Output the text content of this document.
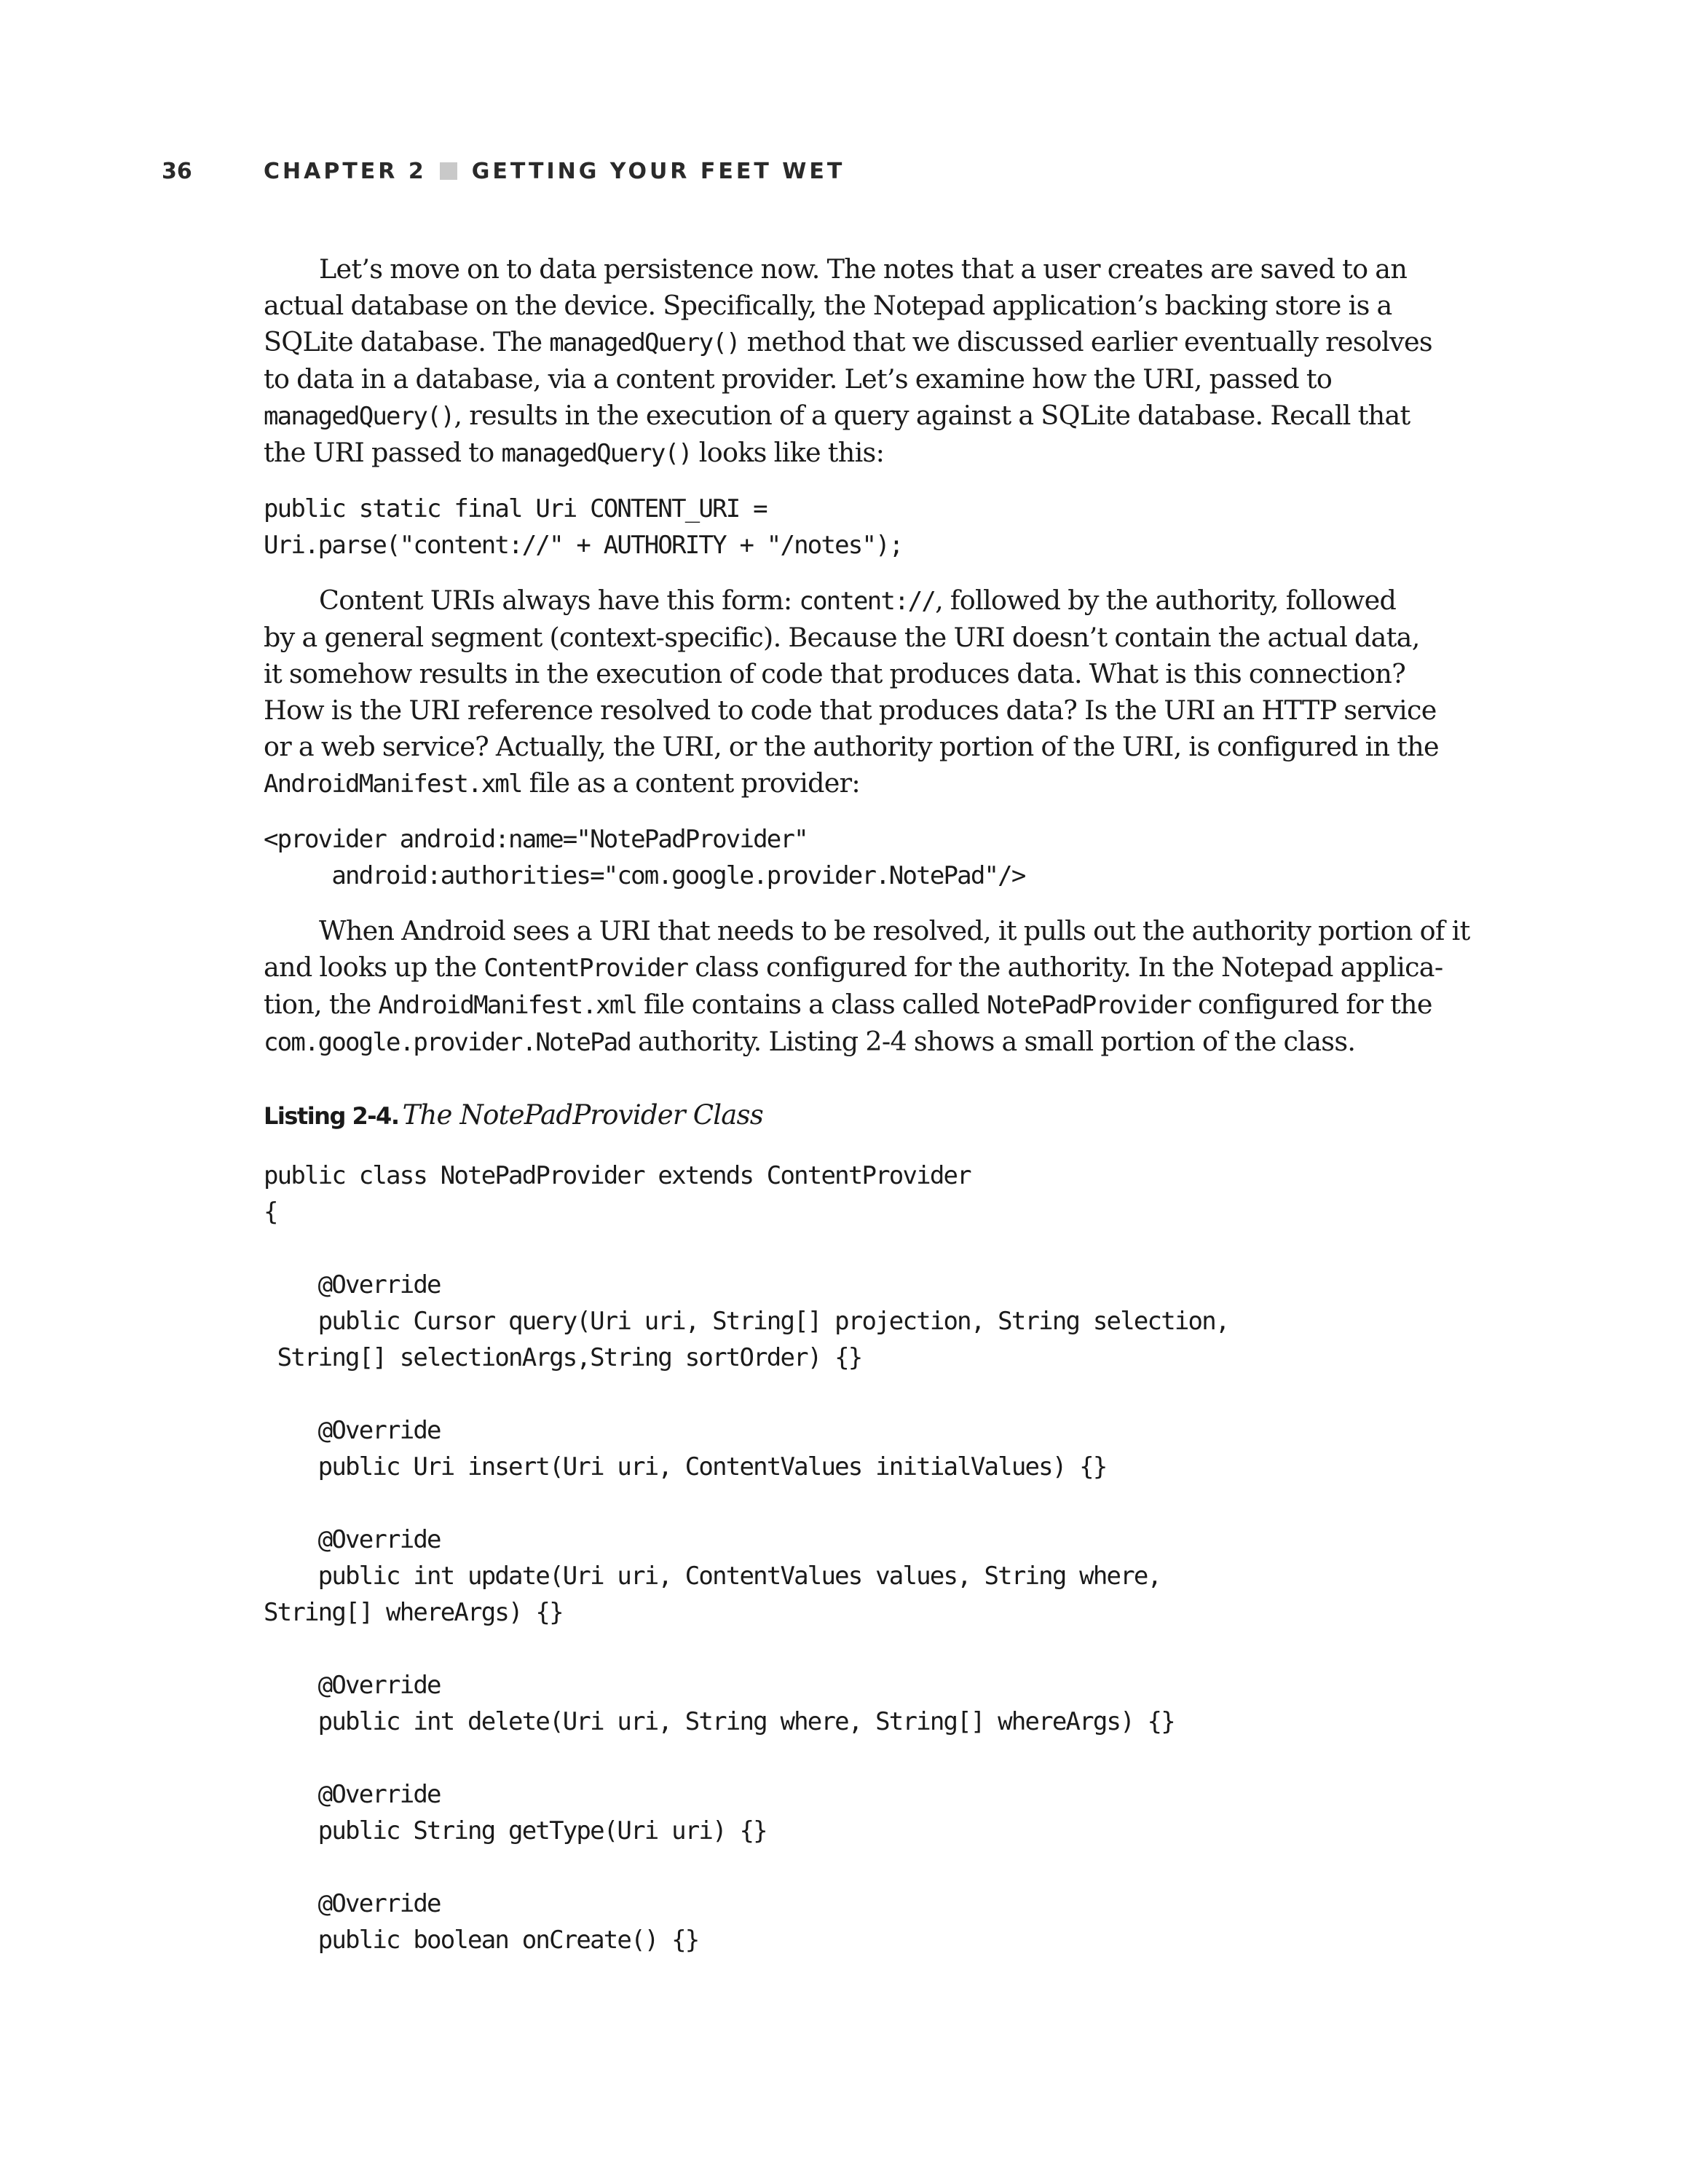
36	CHAPTER 2 GETTING YOUR FEET WET
Let’s move on to data persistence now. The notes that a user creates are saved to an
actual database on the device. Specifically, the Notepad application’s backing store is a
SQLite database. The managedQuery() method that we discussed earlier eventually resolves
to data in a database, via a content provider. Let’s examine how the URI, passed to
managedQuery(), results in the execution of a query against a SQLite database. Recall that
the URI passed to managedQuery() looks like this:
public static final Uri CONTENT_URI =
Uri.parse("content://" + AUTHORITY + "/notes");
Content URIs always have this form: content://, followed by the authority, followed
by a general segment (context-specific). Because the URI doesn’t contain the actual data,
it somehow results in the execution of code that produces data. What is this connection?
How is the URI reference resolved to code that produces data? Is the URI an HTTP service
or a web service? Actually, the URI, or the authority portion of the URI, is configured in the
AndroidManifest.xml file as a content provider:
<provider android:name="NotePadProvider"
android:authorities="com.google.provider.NotePad"/>
When Android sees a URI that needs to be resolved, it pulls out the authority portion of it
and looks up the ContentProvider class configured for the authority. In the Notepad applica-
tion, the AndroidManifest.xml file contains a class called NotePadProvider configured for the
com.google.provider.NotePad authority. Listing 2-4 shows a small portion of the class.
Listing 2-4. The NotePadProvider Class
public class NotePadProvider extends ContentProvider
{
@Override
public Cursor query(Uri uri, String[] projection, String selection,
String[] selectionArgs,String sortOrder) {}
@Override
public Uri insert(Uri uri, ContentValues initialValues) {}
@Override
public int update(Uri uri, ContentValues values, String where,
String[] whereArgs) {}
@Override
public int delete(Uri uri, String where, String[] whereArgs) {}
@Override
public String getType(Uri uri) {}
@Override
public boolean onCreate() {}
